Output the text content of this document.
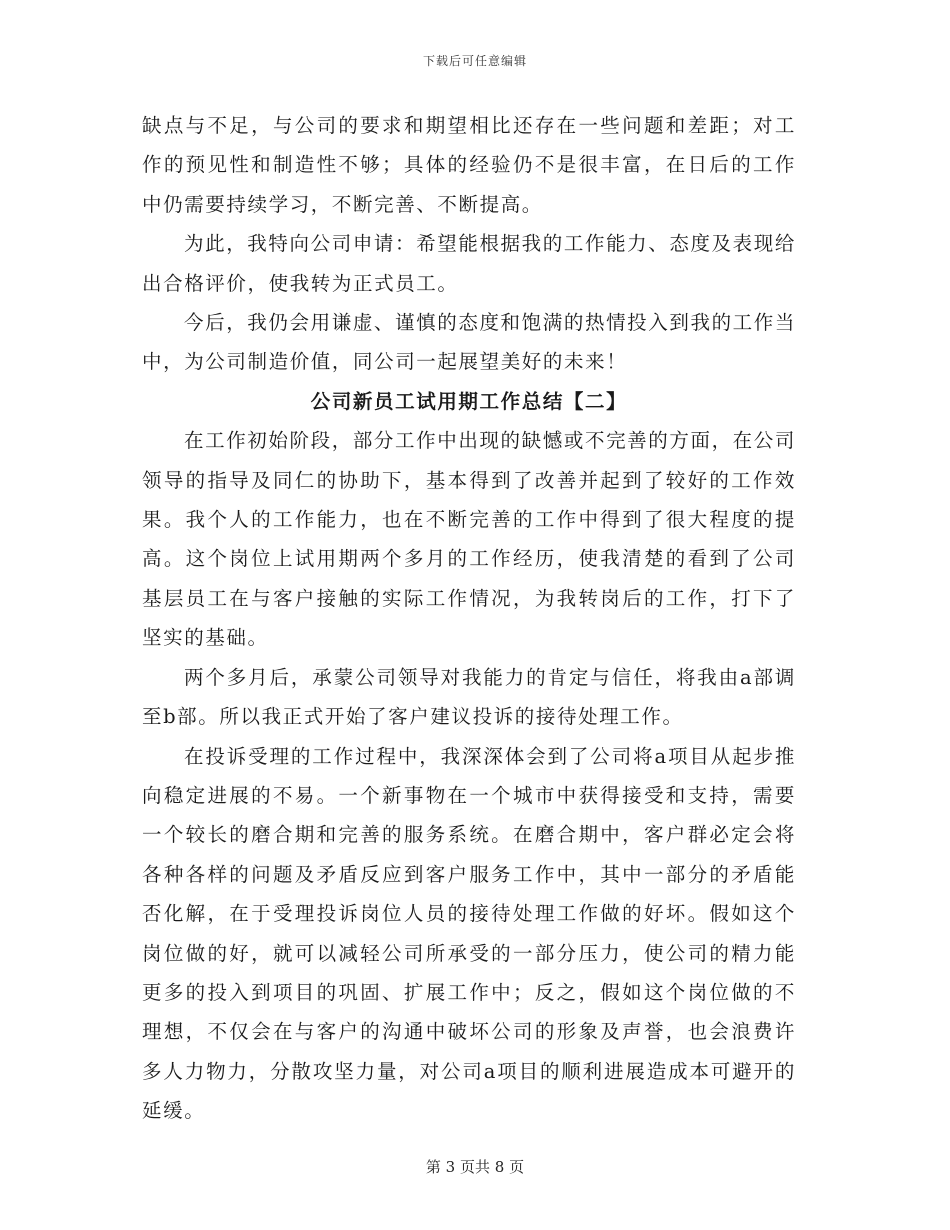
下载后可任意编辑

缺点与不足，与公司的要求和期望相比还存在一些问题和差距；对工作的预见性和制造性不够；具体的经验仍不是很丰富，在日后的工作中仍需要持续学习，不断完善、不断提高。

为此，我特向公司申请：希望能根据我的工作能力、态度及表现给出合格评价，使我转为正式员工。

今后，我仍会用谦虚、谨慎的态度和饱满的热情投入到我的工作当中，为公司制造价值，同公司一起展望美好的未来！

公司新员工试用期工作总结【二】

在工作初始阶段，部分工作中出现的缺憾或不完善的方面，在公司领导的指导及同仁的协助下，基本得到了改善并起到了较好的工作效果。我个人的工作能力，也在不断完善的工作中得到了很大程度的提高。这个岗位上试用期两个多月的工作经历，使我清楚的看到了公司基层员工在与客户接触的实际工作情况，为我转岗后的工作，打下了坚实的基础。

两个多月后，承蒙公司领导对我能力的肯定与信任，将我由a部调至b部。所以我正式开始了客户建议投诉的接待处理工作。

在投诉受理的工作过程中，我深深体会到了公司将a项目从起步推向稳定进展的不易。一个新事物在一个城市中获得接受和支持，需要一个较长的磨合期和完善的服务系统。在磨合期中，客户群必定会将各种各样的问题及矛盾反应到客户服务工作中，其中一部分的矛盾能否化解，在于受理投诉岗位人员的接待处理工作做的好坏。假如这个岗位做的好，就可以减轻公司所承受的一部分压力，使公司的精力能更多的投入到项目的巩固、扩展工作中；反之，假如这个岗位做的不理想，不仅会在与客户的沟通中破坏公司的形象及声誉，也会浪费许多人力物力，分散攻坚力量，对公司a项目的顺利进展造成本可避开的延缓。

第 3 页共 8 页
